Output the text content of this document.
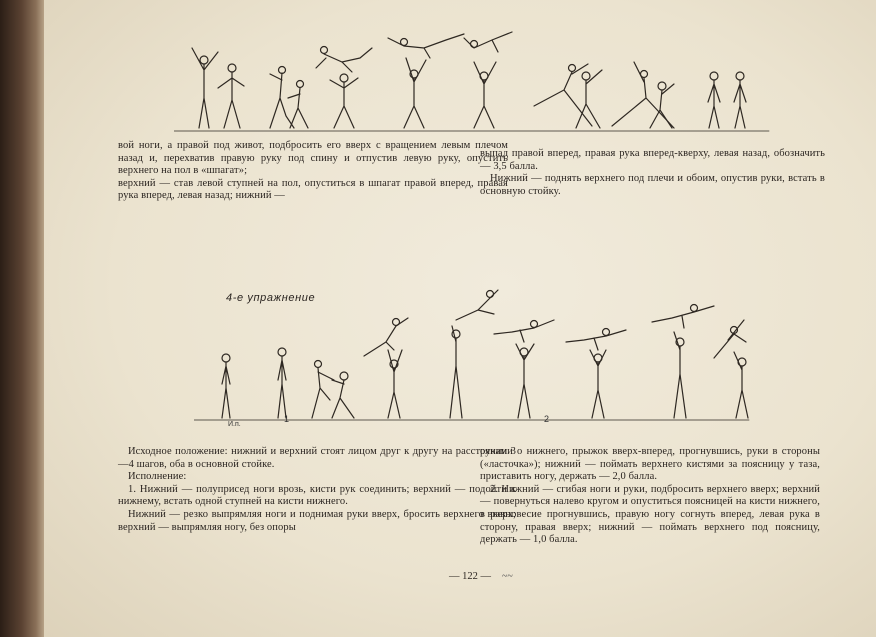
вой ноги, а правой под живот, подбросить его вверх с вращением левым плечом назад и, перехватив правую руку под спину и отпустив левую руку, опустить верхнего на пол в «шпагат»;

верхний — став левой ступней на пол, опуститься в шпагат правой вперед, правая рука вперед, левая назад; нижний —

выпад правой вперед, правая рука вперед-кверху, левая назад, обозначить — 3,5 балла.

Нижний — поднять верхнего под плечи и обоим, опустив руки, встать в основную стойку.

4-е упражнение
И.п.
1	2

Исходное положение: нижний и верхний стоят лицом друг к другу на расстоянии 3—4 шагов, оба в основной стойке.

Исполнение:

1. Нижний — полуприсед ноги врозь, кисти рук соединить; верхний — подойти к нижнему, встать одной ступней на кисти нижнего.

Нижний — резко выпрямляя ноги и поднимая руки вверх, бросить верхнего вверх; верхний — выпрямляя ногу, без опоры

руками о нижнего, прыжок вверх-вперед, прогнувшись, руки в стороны («ласточка»); нижний — поймать верхнего кистями за поясницу у таза, приставить ногу, держать — 2,0 балла.

2. Нижний — сгибая ноги и руки, подбросить верхнего вверх; верхний — повернуться налево кругом и опуститься поясницей на кисти нижнего, в равновесие прогнувшись, правую ногу согнуть вперед, левая рука в сторону, правая вверх; нижний — поймать верхнего под поясницу, держать — 1,0 балла.

— 122 — ~~
